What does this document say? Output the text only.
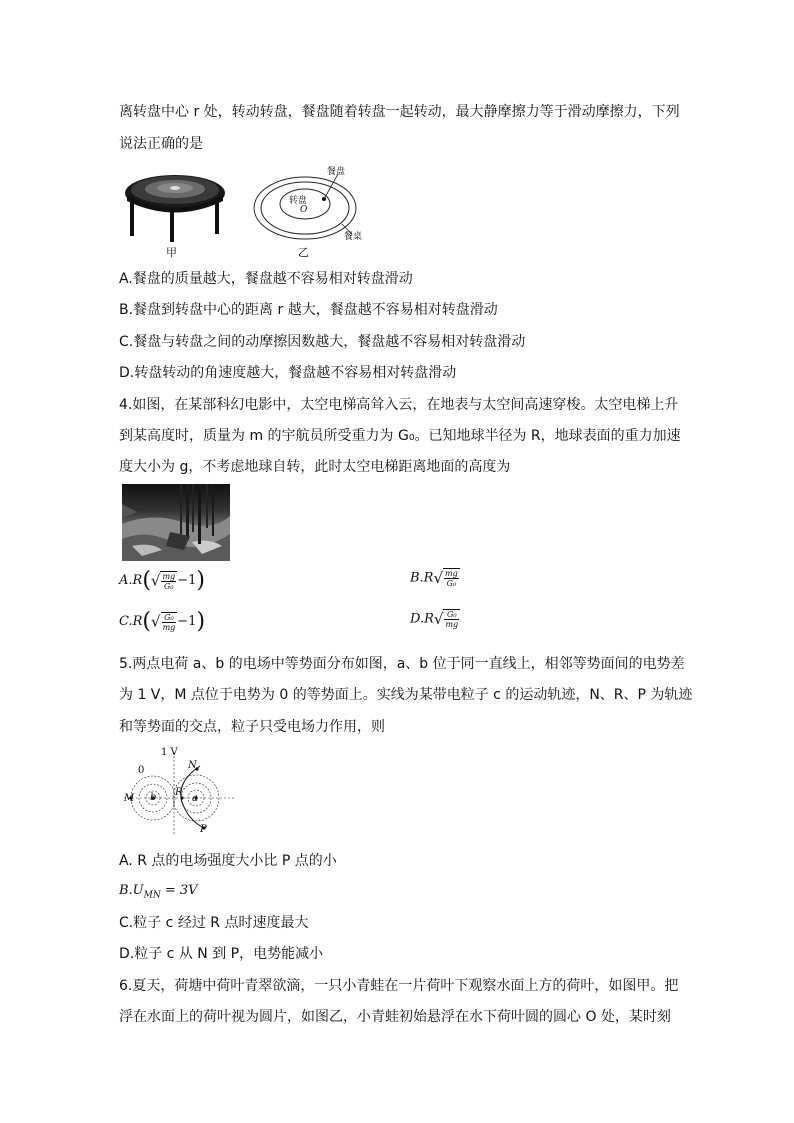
离转盘中心 r 处，转动转盘，餐盘随着转盘一起转动，最大静摩擦力等于滑动摩擦力，下列
说法正确的是
甲
餐盘
转盘
O
餐桌
乙
A.餐盘的质量越大，餐盘越不容易相对转盘滑动
B.餐盘到转盘中心的距离 r 越大，餐盘越不容易相对转盘滑动
C.餐盘与转盘之间的动摩擦因数越大，餐盘越不容易相对转盘滑动
D.转盘转动的角速度越大，餐盘越不容易相对转盘滑动
4.如图，在某部科幻电影中，太空电梯高耸入云，在地表与太空间高速穿梭。太空电梯上升
到某高度时，质量为 m 的宇航员所受重力为 G₀。已知地球半径为 R，地球表面的重力加速
度大小为 g，不考虑地球自转，此时太空电梯距离地面的高度为
$A.R(√ \frac{mg}{\text{G₀}} -1)$	$B.R√ \frac{mg}{\text{G₀}}$
$C.R(√ \frac{\text{G₀}}{mg} -1)$	$D.R√ \frac{\text{G₀}}{mg}$
5.两点电荷 a、b 的电场中等势面分布如图，a、b 位于同一直线上，相邻等势面间的电势差
为 1 V，M 点位于电势为 0 的等势面上。实线为某带电粒子 c 的运动轨迹，N、R、P 为轨迹
和等势面的交点，粒子只受电场力作用，则
1 V
0
M b R
a
N
P
A. R 点的电场强度大小比 P 点的小
$B.U_{MN} = 3V$
C.粒子 c 经过 R 点时速度最大
D.粒子 c 从 N 到 P，电势能减小
6.夏天，荷塘中荷叶青翠欲滴，一只小青蛙在一片荷叶下观察水面上方的荷叶，如图甲。把
浮在水面上的荷叶视为圆片，如图乙，小青蛙初始悬浮在水下荷叶圆的圆心 O 处，某时刻
